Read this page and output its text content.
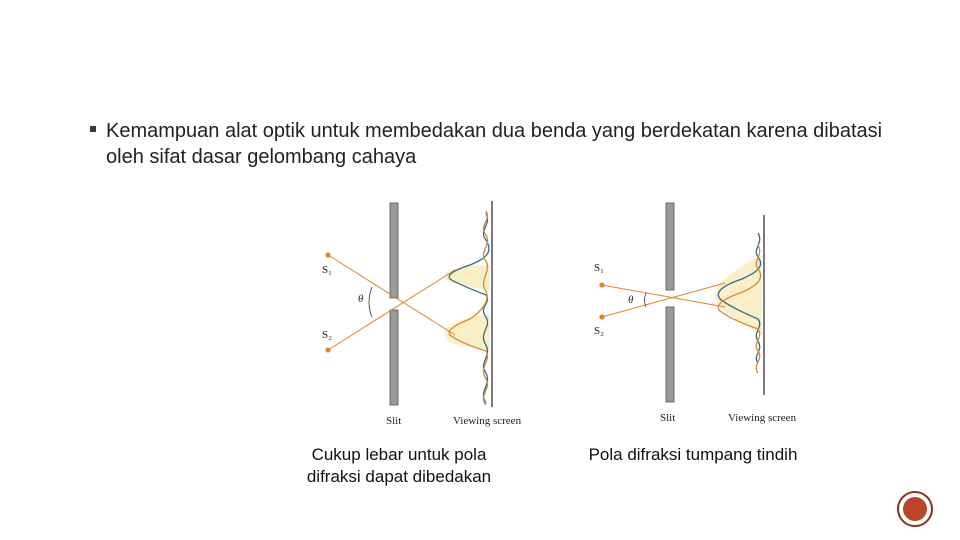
Kemampuan alat optik untuk membedakan dua benda yang berdekatan karena dibatasi oleh sifat dasar gelombang cahaya
S₁
S₂
θ
Slit	Viewing screen
Cukup lebar untuk pola difraksi dapat dibedakan
S₁
S₂
θ
Slit	Viewing screen
Pola difraksi tumpang tindih
